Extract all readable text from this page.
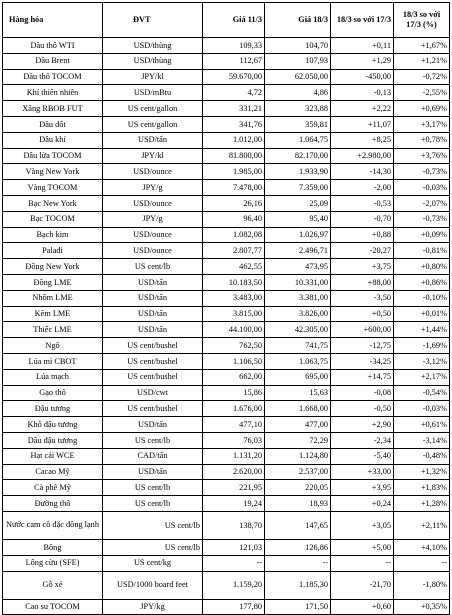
Hàng hóa	ĐVT	Giá 11/3	Giá 18/3	18/3 so với 17/3	18/3 so với 17/3 (%)
Dầu thô WTI	USD/thùng	109,33	104,70	+0,11	+1,67%
Dầu Brent	USD/thùng	112,67	107,93	+1,29	+1,21%
Dầu thô TOCOM	JPY/kl	59.670,00	62.050,00	-450,00	-0,72%
Khí thiên nhiên	USD/mBtu	4,72	4,86	-0,13	-2,55%
Xăng RBOB FUT	US cent/gallon	331,21	323,88	+2,22	+0,69%
Dầu đốt	US cent/gallon	341,76	359,81	+11,07	+3,17%
Dầu khí	USD/tấn	1.012,00	1.064,75	+8,25	+0,78%
Dầu lửa TOCOM	JPY/kl	81.800,00	82.170,00	+2.980,00	+3,76%
Vàng New York	USD/ounce	1.985,00	1.933,90	-14,30	-0,73%
Vàng TOCOM	JPY/g	7.478,00	7.359,00	-2,00	-0,03%
Bạc New York	USD/ounce	26,16	25,09	-0,53	-2,07%
Bạc TOCOM	JPY/g	96,40	95,40	-0,70	-0,73%
Bạch kim	USD/ounce	1.082,08	1.026,97	+0,88	+0,09%
Palađi	USD/ounce	2.807,77	2.496,71	-20,27	-0,81%
Đồng New York	US cent/lb	462,55	473,95	+3,75	+0,80%
Đồng LME	USD/tấn	10.183,50	10.331,00	+88,00	+0,86%
Nhôm LME	USD/tấn	3.483,00	3.381,00	-3,50	-0,10%
Kẽm LME	USD/tấn	3.815,00	3.826,00	+0,50	+0,01%
Thiếc LME	USD/tấn	44.100,00	42.305,00	+600,00	+1,44%
Ngô	US cent/bushel	762,50	741,75	-12,75	-1,69%
Lúa mì CBOT	US cent/bushel	1.106,50	1.063,75	-34,25	-3,12%
Lúa mạch	US cent/bushel	662,00	695,00	+14,75	+2,17%
Gạo thô	USD/cwt	15,86	15,63	-0,08	-0,54%
Đậu tương	US cent/bushel	1.676,00	1.668,00	-0,50	-0,03%
Khô đậu tương	USD/tấn	477,10	477,00	+2,90	+0,61%
Dầu đậu tương	US cent/lb	76,03	72,29	-2,34	-3,14%
Hạt cải WCE	CAD/tấn	1.131,20	1.124,80	-5,40	-0,48%
Cacao Mỹ	USD/tấn	2.620,00	2.537,00	+33,00	+1,32%
Cà phê Mỹ	US cent/lb	221,95	220,05	+3,95	+1,83%
Đường thô	US cent/lb	19,24	18,93	+0,24	+1,28%
Nước cam cô đặc đông lạnh	US cent/lb	138,70	147,65	+3,05	+2,11%
Bông	US cent/lb	121,03	126,86	+5,00	+4,10%
Lông cừu (SFE)	US cent/kg	--	--	--	--
Gỗ xẻ	USD/1000 board feet	1.159,20	1.185,30	-21,70	-1,80%
Cao su TOCOM	JPY/kg	177,80	171,50	+0,60	+0,35%
